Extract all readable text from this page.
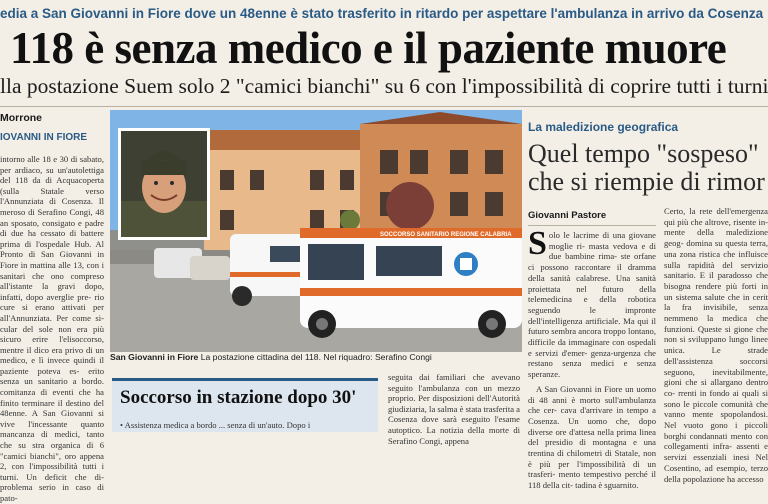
edia a San Giovanni in Fiore dove un 48enne è stato trasferito in ritardo per aspettare l'ambulanza in arrivo da Cosenza
118 è senza medico e il paziente muore
lla postazione Suem solo 2 "camici bianchi" su 6 con l'impossibilità di coprire tutti i turni
Morrone
IOVANNI IN FIORE
intorno alle 18 e 30 di sabato, per ardiaco, su un'autolettiga del 118 da di Acquacoperta (sulla Statale verso l'Annunziata di Cosenza. Il meroso di Serafino Congi, 48 an sposato, consigato e padre di due ha cessato di battere prima di l'ospedale Hub. Al Pronto di San Giovanni in Fiore in mattina alle 13, con i sanitari che ono compreso all'istante la gravi dopo, infatti, dopo averglie pre- rio cure si erano attivati per all'Annunziata. Per come si- cular del sole non era più sicuro erire l'elisoccorso, mentre il dico era privo di un medico, e lì invece quindi il paziente poteva es- erito senza un sanitario a bordo. comitanza di eventi che ha finito terminare il destino del 48enne. A San Giovanni si vive l'incessante quanto mancanza di medici, tanto che su stra organica di 6 "camici bianchi", oro appena 2, con l'impossibilità tutti i turni. Un deficit che di- problema serio in caso di pato-
SOCCORSO SANITARIO REGIONE CALABRIA
San Giovanni in Fiore La postazione cittadina del 118. Nel riquadro: Serafino Congi
Soccorso in stazione dopo 30'
• Assistenza medica a bordo ... senza di un'auto. Dopo i
seguita dai familiari che avevano seguito l'ambulanza con un mezzo proprio. Per disposizioni dell'Autorità giudiziaria, la salma è stata trasferita a Cosenza dove sarà eseguito l'esame autoptico. La notizia della morte di Serafino Congi, appena
La maledizione geografica
Quel tempo "sospeso"
che si riempie di rimor
Giovanni Pastore

Solo le lacrime di una giovane moglie ri- masta vedova e di due bambine rima- ste orfane ci possono raccontare il dramma della sanità calabrese. Una sanità proiettata nel futuro della telemedicina e della robotica seguendo le impronte dell'intelligenza artificiale. Ma qui il futuro sembra ancora troppo lontano, difficile da immaginare con ospedali e servizi d'emer- genza-urgenza che restano senza medici e senza speranze.

A San Giovanni in Fiore un uomo di 48 anni è morto sull'ambulanza che cer- cava d'arrivare in tempo a Cosenza. Un uomo che, dopo diverse ore d'attesa nella prima linea del presidio di montagna e una trentina di chilometri di Statale, non è più per l'impossibilità di un trasferi- mento tempestivo perché il 118 della cit- tadina è sguarnito.

Certo, la rete dell'emergenza qui più che altrove, risente in- mente della maledizione geog- domina su questa terra, una zona ristica che influisce sulla rapidità del servizio sanitario. E il paradosso che bisogna rendere più forti in un sistema salute che in cerit la fra invisibile, senza nemmeno la medica che funzioni. Queste si gione che non si sviluppano lungo linee unica. Le strade dell'assistenza soccorsi seguono, inevitabilmente, gioni che si allargano dentro co- rrenti in fondo ai quali si sono le piccole comunità che vanno mente spopolandosi. Nel vuoto gono i piccoli borghi condannati mento con collegamenti infra- assenti e servizi essenziali inesi Nel Cosentino, ad esempio, terzo della popolazione ha accesso
